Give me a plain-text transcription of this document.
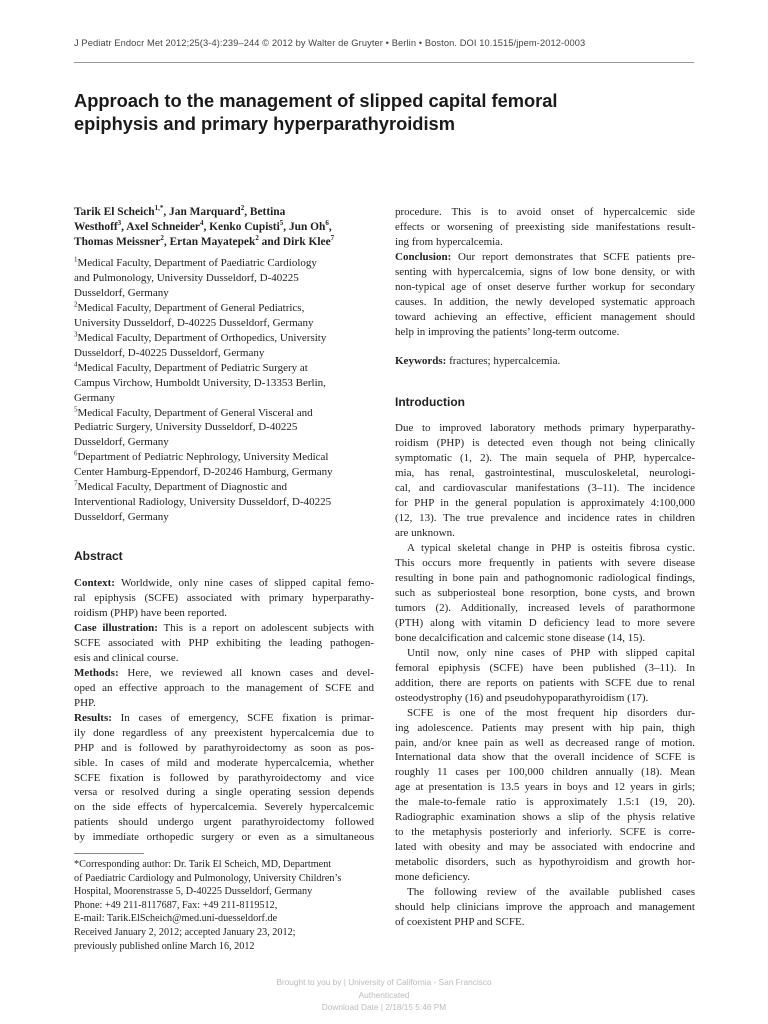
J Pediatr Endocr Met 2012;25(3-4):239–244 © 2012 by Walter de Gruyter • Berlin • Boston. DOI 10.1515/jpem-2012-0003
Approach to the management of slipped capital femoral
epiphysis and primary hyperparathyroidism

Tarik El Scheich$^{1,*}$, Jan Marquard$^2$, Bettina
Westhoff$^3$, Axel Schneider$^4$, Kenko Cupisti$^5$, Jun Oh$^6$,
Thomas Meissner$^2$, Ertan Mayatepek$^2$ and Dirk Klee$^7$

$^1$Medical Faculty, Department of Paediatric Cardiology
and Pulmonology, University Dusseldorf, D-40225
Dusseldorf, Germany
$^2$Medical Faculty, Department of General Pediatrics,
University Dusseldorf, D-40225 Dusseldorf, Germany
$^3$Medical Faculty, Department of Orthopedics, University
Dusseldorf, D-40225 Dusseldorf, Germany
$^4$Medical Faculty, Department of Pediatric Surgery at
Campus Virchow, Humboldt University, D-13353 Berlin,
Germany
$^5$Medical Faculty, Department of General Visceral and
Pediatric Surgery, University Dusseldorf, D-40225
Dusseldorf, Germany
$^6$Department of Pediatric Nephrology, University Medical
Center Hamburg-Eppendorf, D-20246 Hamburg, Germany
$^7$Medical Faculty, Department of Diagnostic and
Interventional Radiology, University Dusseldorf, D-40225
Dusseldorf, Germany

Abstract

Context: Worldwide, only nine cases of slipped capital femo-
ral epiphysis (SCFE) associated with primary hyperparathy-
roidism (PHP) have been reported.
Case illustration: This is a report on adolescent subjects with
SCFE associated with PHP exhibiting the leading pathogen-
esis and clinical course.
Methods: Here, we reviewed all known cases and devel-
oped an effective approach to the management of SCFE and
PHP.
Results: In cases of emergency, SCFE fixation is primar-
ily done regardless of any preexistent hypercalcemia due to
PHP and is followed by parathyroidectomy as soon as pos-
sible. In cases of mild and moderate hypercalcemia, whether
SCFE fixation is followed by parathyroidectomy and vice
versa or resolved during a single operating session depends
on the side effects of hypercalcemia. Severely hypercalcemic
patients should undergo urgent parathyroidectomy followed
by immediate orthopedic surgery or even as a simultaneous
procedure. This is to avoid onset of hypercalcemic side
effects or worsening of preexisting side manifestations result-
ing from hypercalcemia.
Conclusion: Our report demonstrates that SCFE patients pre-
senting with hypercalcemia, signs of low bone density, or with
non-typical age of onset deserve further workup for secondary
causes. In addition, the newly developed systematic approach
toward achieving an effective, efficient management should
help in improving the patients’ long-term outcome.

Keywords: fractures; hypercalcemia.

Introduction

Due to improved laboratory methods primary hyperparathy-
roidism (PHP) is detected even though not being clinically
symptomatic (1, 2). The main sequela of PHP, hypercalce-
mia, has renal, gastrointestinal, musculoskeletal, neurologi-
cal, and cardiovascular manifestations (3–11). The incidence
for PHP in the general population is approximately 4:100,000
(12, 13). The true prevalence and incidence rates in children
are unknown.
A typical skeletal change in PHP is osteitis fibrosa cystic.
This occurs more frequently in patients with severe disease
resulting in bone pain and pathognomonic radiological findings,
such as subperiosteal bone resorption, bone cysts, and brown
tumors (2). Additionally, increased levels of parathormone
(PTH) along with vitamin D deficiency lead to more severe
bone decalcification and calcemic stone disease (14, 15).
Until now, only nine cases of PHP with slipped capital
femoral epiphysis (SCFE) have been published (3–11). In
addition, there are reports on patients with SCFE due to renal
osteodystrophy (16) and pseudohypoparathyroidism (17).
SCFE is one of the most frequent hip disorders dur-
ing adolescence. Patients may present with hip pain, thigh
pain, and/or knee pain as well as decreased range of motion.
International data show that the overall incidence of SCFE is
roughly 11 cases per 100,000 children annually (18). Mean
age at presentation is 13.5 years in boys and 12 years in girls;
the male-to-female ratio is approximately 1.5:1 (19, 20).
Radiographic examination shows a slip of the physis relative
to the metaphysis posteriorly and inferiorly. SCFE is corre-
lated with obesity and may be associated with endocrine and
metabolic disorders, such as hypothyroidism and growth hor-
mone deficiency.
The following review of the available published cases
should help clinicians improve the approach and management
of coexistent PHP and SCFE.
*Corresponding author: Dr. Tarik El Scheich, MD, Department
of Paediatric Cardiology and Pulmonology, University Children’s
Hospital, Moorenstrasse 5, D-40225 Dusseldorf, Germany
Phone: +49 211-8117687, Fax: +49 211-8119512,
E-mail: Tarik.ElScheich@med.uni-duesseldorf.de
Received January 2, 2012; accepted January 23, 2012;
previously published online March 16, 2012
Brought to you by | University of California - San Francisco
Authenticated
Download Date | 2/18/15 5:46 PM
